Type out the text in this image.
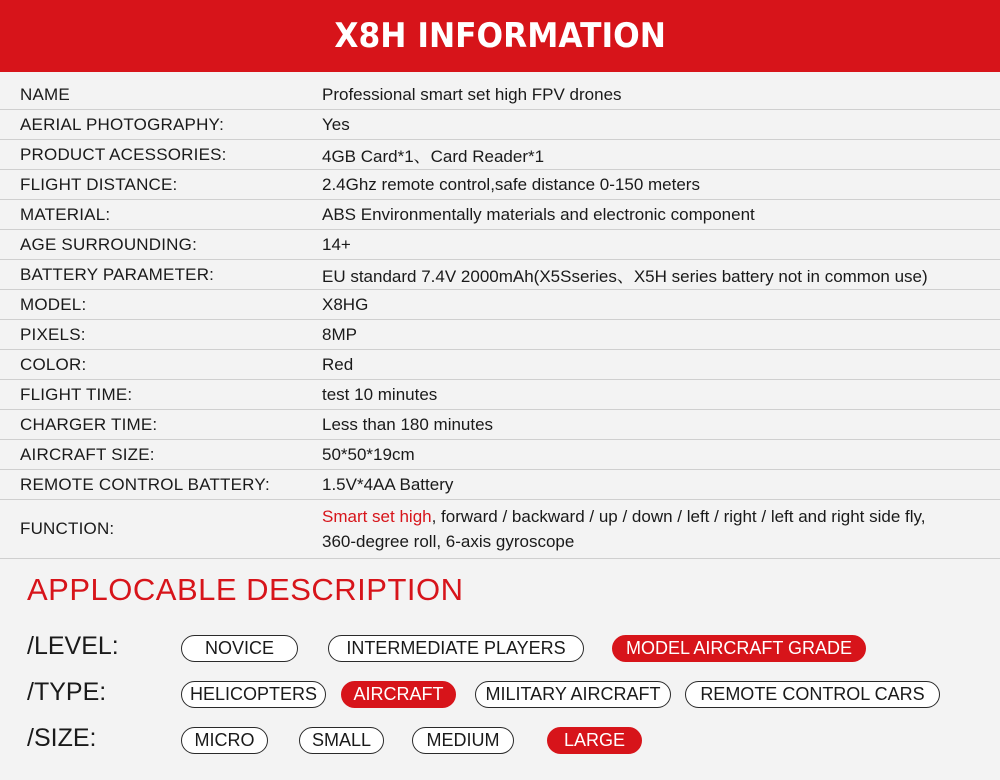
X8H INFORMATION
NAME	Professional smart set high FPV drones
AERIAL PHOTOGRAPHY:	Yes
PRODUCT ACESSORIES:	4GB Card*1、Card Reader*1
FLIGHT DISTANCE:	2.4Ghz remote control,safe distance 0-150 meters
MATERIAL:	ABS Environmentally materials and electronic component
AGE SURROUNDING:	14+
BATTERY PARAMETER:	EU standard 7.4V 2000mAh(X5Sseries、X5H series battery not in common use)
MODEL:	X8HG
PIXELS:	8MP
COLOR:	Red
FLIGHT TIME:	test 10 minutes
CHARGER TIME:	Less than 180 minutes
AIRCRAFT SIZE:	50*50*19cm
REMOTE CONTROL BATTERY:	1.5V*4AA Battery
FUNCTION:
Smart set high, forward / backward / up / down / left / right / left and right side fly,
360-degree roll, 6-axis gyroscope
APPLOCABLE DESCRIPTION
/LEVEL:	NOVICE	INTERMEDIATE PLAYERS	MODEL AIRCRAFT GRADE
/TYPE:	HELICOPTERS	AIRCRAFT	MILITARY AIRCRAFT	REMOTE CONTROL CARS
/SIZE:	MICRO	SMALL	MEDIUM	LARGE
